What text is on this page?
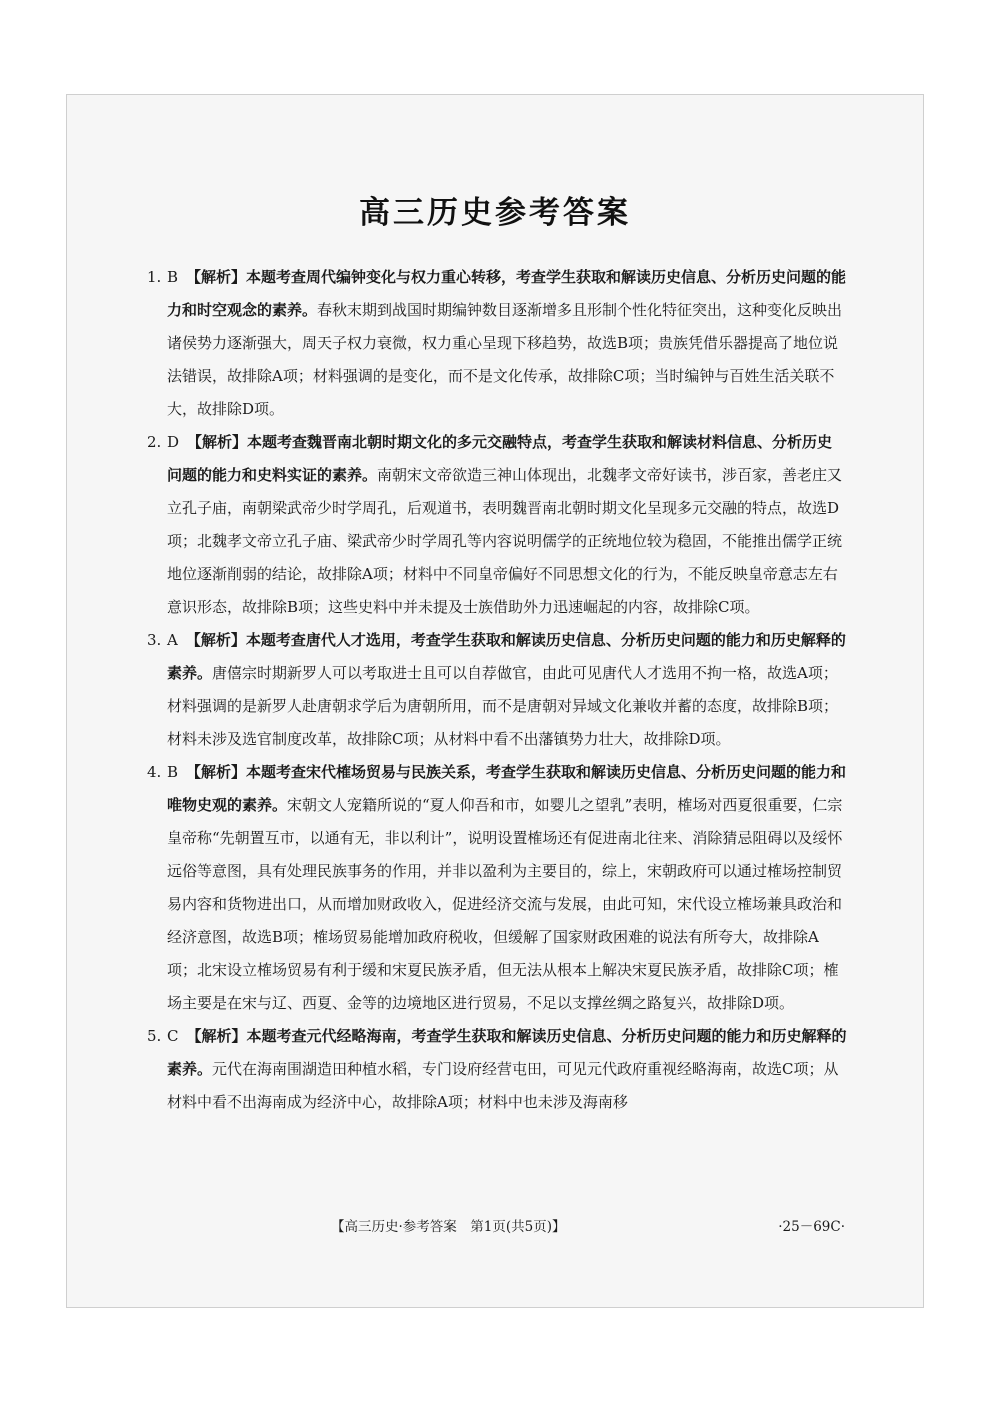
高三历史参考答案
1. B 【解析】本题考查周代编钟变化与权力重心转移，考查学生获取和解读历史信息、分析历史问题的能力和时空观念的素养。春秋末期到战国时期编钟数目逐渐增多且形制个性化特征突出，这种变化反映出诸侯势力逐渐强大，周天子权力衰微，权力重心呈现下移趋势，故选B项；贵族凭借乐器提高了地位说法错误，故排除A项；材料强调的是变化，而不是文化传承，故排除C项；当时编钟与百姓生活关联不大，故排除D项。
2. D 【解析】本题考查魏晋南北朝时期文化的多元交融特点，考查学生获取和解读材料信息、分析历史问题的能力和史料实证的素养。南朝宋文帝欲造三神山体现出，北魏孝文帝好读书，涉百家，善老庄又立孔子庙，南朝梁武帝少时学周孔，后观道书，表明魏晋南北朝时期文化呈现多元交融的特点，故选D项；北魏孝文帝立孔子庙、梁武帝少时学周孔等内容说明儒学的正统地位较为稳固，不能推出儒学正统地位逐渐削弱的结论，故排除A项；材料中不同皇帝偏好不同思想文化的行为，不能反映皇帝意志左右意识形态，故排除B项；这些史料中并未提及士族借助外力迅速崛起的内容，故排除C项。
3. A 【解析】本题考查唐代人才选用，考查学生获取和解读历史信息、分析历史问题的能力和历史解释的素养。唐僖宗时期新罗人可以考取进士且可以自荐做官，由此可见唐代人才选用不拘一格，故选A项；材料强调的是新罗人赴唐朝求学后为唐朝所用，而不是唐朝对异域文化兼收并蓄的态度，故排除B项；材料未涉及选官制度改革，故排除C项；从材料中看不出藩镇势力壮大，故排除D项。
4. B 【解析】本题考查宋代榷场贸易与民族关系，考查学生获取和解读历史信息、分析历史问题的能力和唯物史观的素养。宋朝文人宠籍所说的“夏人仰吾和市，如婴儿之望乳”表明，榷场对西夏很重要，仁宗皇帝称“先朝置互市，以通有无，非以利计”，说明设置榷场还有促进南北往来、消除猜忌阻碍以及绥怀远俗等意图，具有处理民族事务的作用，并非以盈利为主要目的，综上，宋朝政府可以通过榷场控制贸易内容和货物进出口，从而增加财政收入，促进经济交流与发展，由此可知，宋代设立榷场兼具政治和经济意图，故选B项；榷场贸易能增加政府税收，但缓解了国家财政困难的说法有所夸大，故排除A项；北宋设立榷场贸易有利于缓和宋夏民族矛盾，但无法从根本上解决宋夏民族矛盾，故排除C项；榷场主要是在宋与辽、西夏、金等的边境地区进行贸易，不足以支撑丝绸之路复兴，故排除D项。
5. C 【解析】本题考查元代经略海南，考查学生获取和解读历史信息、分析历史问题的能力和历史解释的素养。元代在海南围湖造田种植水稻，专门设府经营屯田，可见元代政府重视经略海南，故选C项；从材料中看不出海南成为经济中心，故排除A项；材料中也未涉及海南移
【高三历史·参考答案　第1页(共5页)】	·25－69C·
